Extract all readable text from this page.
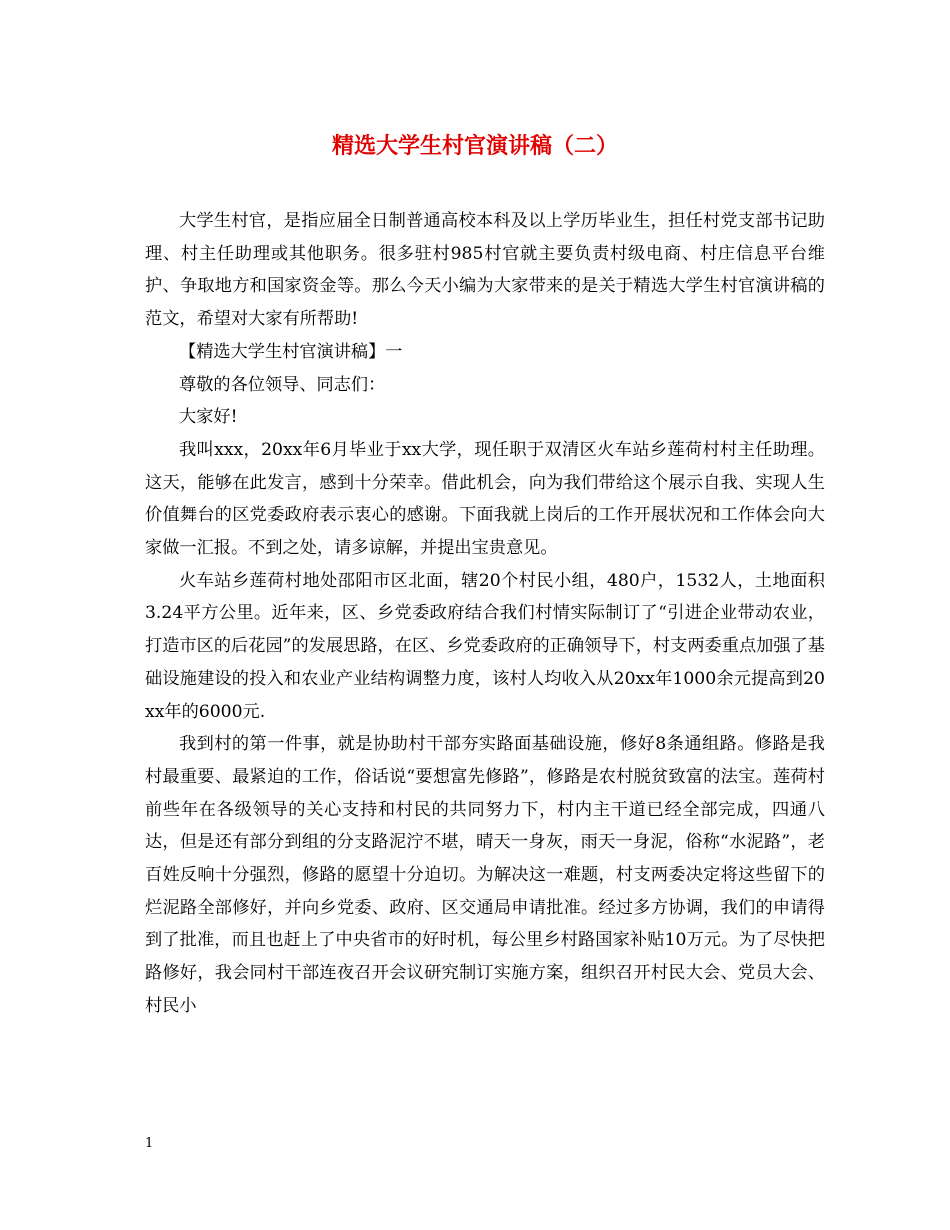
精选大学生村官演讲稿（二）

大学生村官，是指应届全日制普通高校本科及以上学历毕业生，担任村党支部书记助理、村主任助理或其他职务。很多驻村985村官就主要负责村级电商、村庄信息平台维护、争取地方和国家资金等。那么今天小编为大家带来的是关于精选大学生村官演讲稿的范文，希望对大家有所帮助!

【精选大学生村官演讲稿】一

尊敬的各位领导、同志们：

大家好!

我叫xxx，20xx年6月毕业于xx大学，现任职于双清区火车站乡莲荷村村主任助理。这天，能够在此发言，感到十分荣幸。借此机会，向为我们带给这个展示自我、实现人生价值舞台的区党委政府表示衷心的感谢。下面我就上岗后的工作开展状况和工作体会向大家做一汇报。不到之处，请多谅解，并提出宝贵意见。

火车站乡莲荷村地处邵阳市区北面，辖20个村民小组，480户，1532人，土地面积3.24平方公里。近年来，区、乡党委政府结合我们村情实际制订了“引进企业带动农业，打造市区的后花园”的发展思路，在区、乡党委政府的正确领导下，村支两委重点加强了基础设施建设的投入和农业产业结构调整力度，该村人均收入从20xx年1000余元提高到20xx年的6000元.

我到村的第一件事，就是协助村干部夯实路面基础设施，修好8条通组路。修路是我村最重要、最紧迫的工作，俗话说“要想富先修路”，修路是农村脱贫致富的法宝。莲荷村前些年在各级领导的关心支持和村民的共同努力下，村内主干道已经全部完成，四通八达，但是还有部分到组的分支路泥泞不堪，晴天一身灰，雨天一身泥，俗称“水泥路”，老百姓反响十分强烈，修路的愿望十分迫切。为解决这一难题，村支两委决定将这些留下的烂泥路全部修好，并向乡党委、政府、区交通局申请批准。经过多方协调，我们的申请得到了批准，而且也赶上了中央省市的好时机，每公里乡村路国家补贴10万元。为了尽快把路修好，我会同村干部连夜召开会议研究制订实施方案，组织召开村民大会、党员大会、村民小

1
